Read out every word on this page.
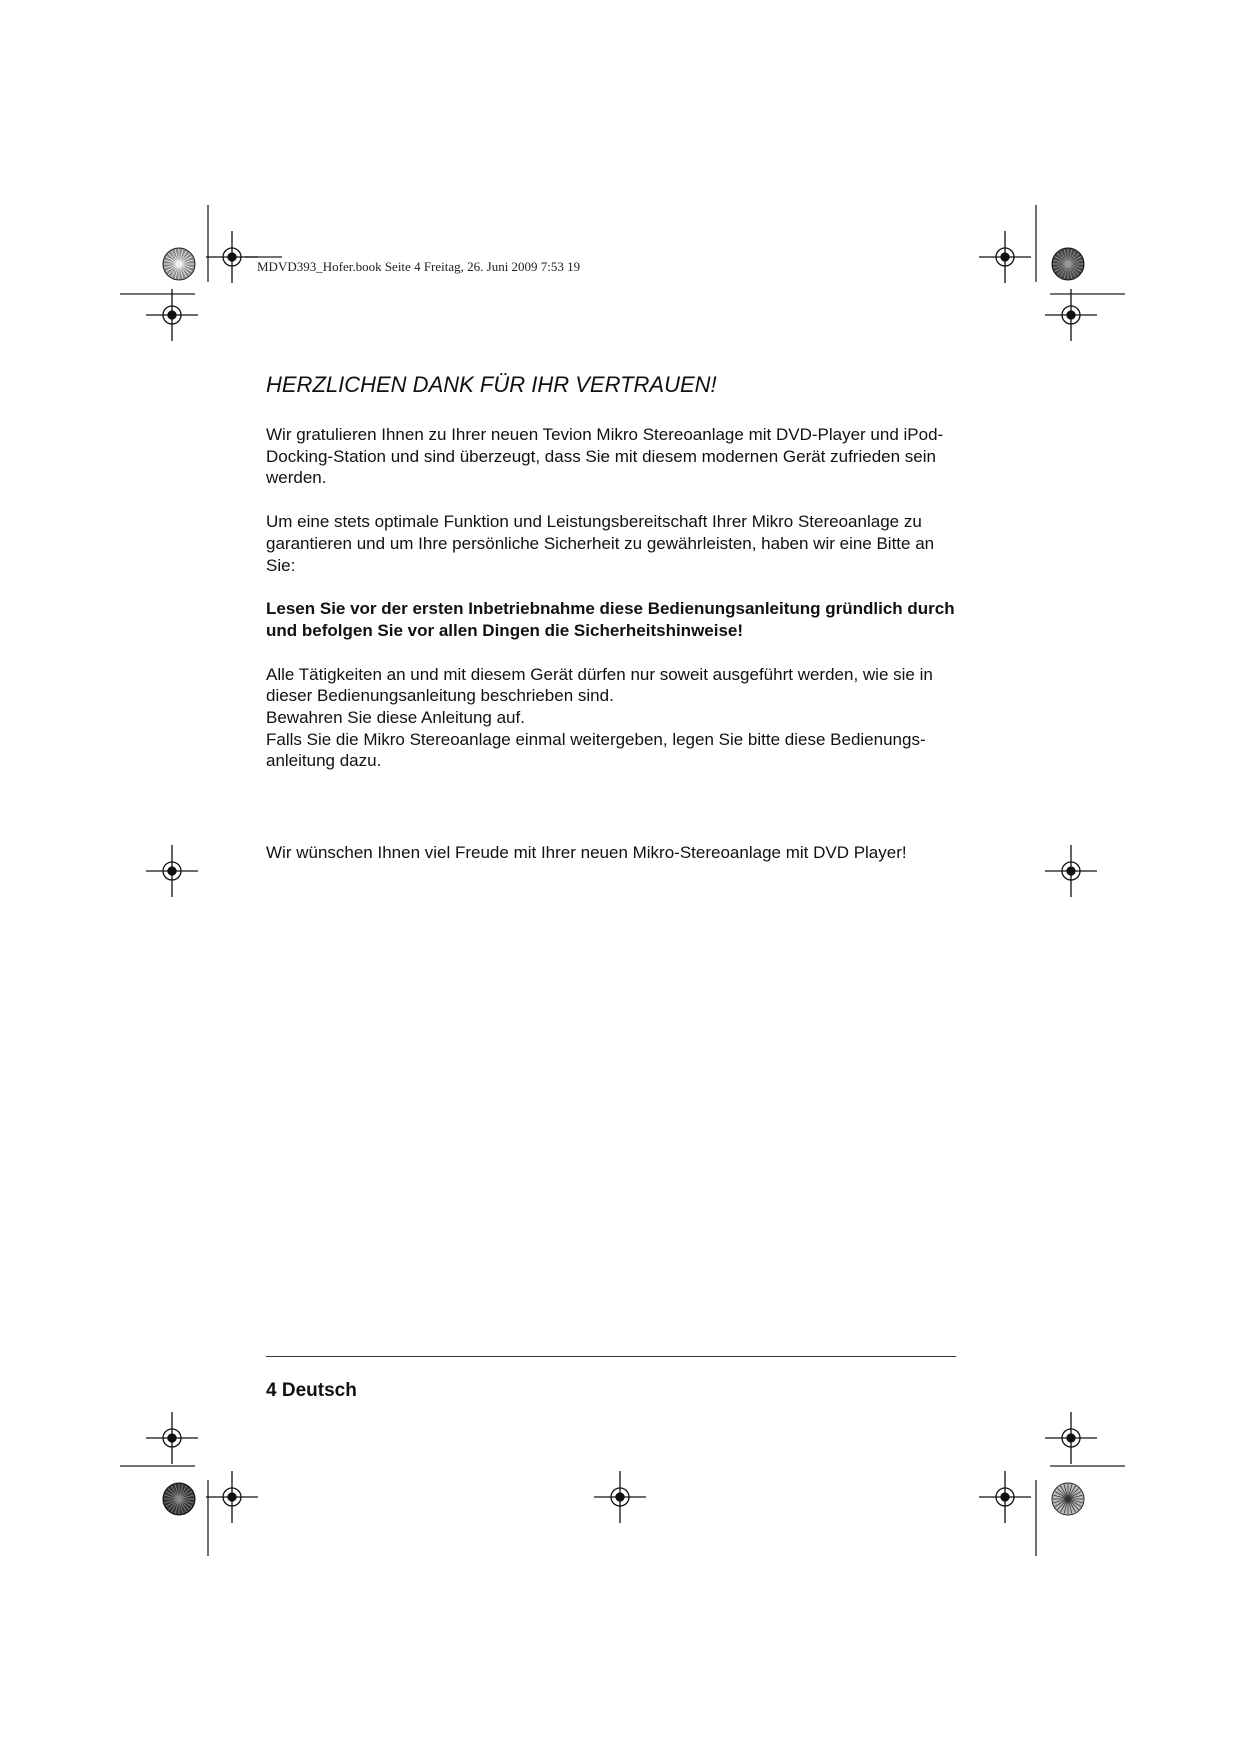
MDVD393_Hofer.book Seite 4 Freitag, 26. Juni 2009 7:53 19
HERZLICHEN DANK FÜR IHR VERTRAUEN!

Wir gratulieren Ihnen zu Ihrer neuen Tevion Mikro Stereoanlage mit DVD-Player und iPod-Docking-Station und sind überzeugt, dass Sie mit diesem modernen Gerät zufrieden sein werden.

Um eine stets optimale Funktion und Leistungsbereitschaft Ihrer Mikro Stereoanlage zu garantieren und um Ihre persönliche Sicherheit zu gewährleisten, haben wir eine Bitte an Sie:

Lesen Sie vor der ersten Inbetriebnahme diese Bedienungsanleitung gründlich durch und befolgen Sie vor allen Dingen die Sicherheitshinweise!

Alle Tätigkeiten an und mit diesem Gerät dürfen nur soweit ausgeführt werden, wie sie in dieser Bedienungsanleitung beschrieben sind.
Bewahren Sie diese Anleitung auf.
Falls Sie die Mikro Stereoanlage einmal weitergeben, legen Sie bitte diese Bedienungs-anleitung dazu.

Wir wünschen Ihnen viel Freude mit Ihrer neuen Mikro-Stereoanlage mit DVD Player!

4 Deutsch
